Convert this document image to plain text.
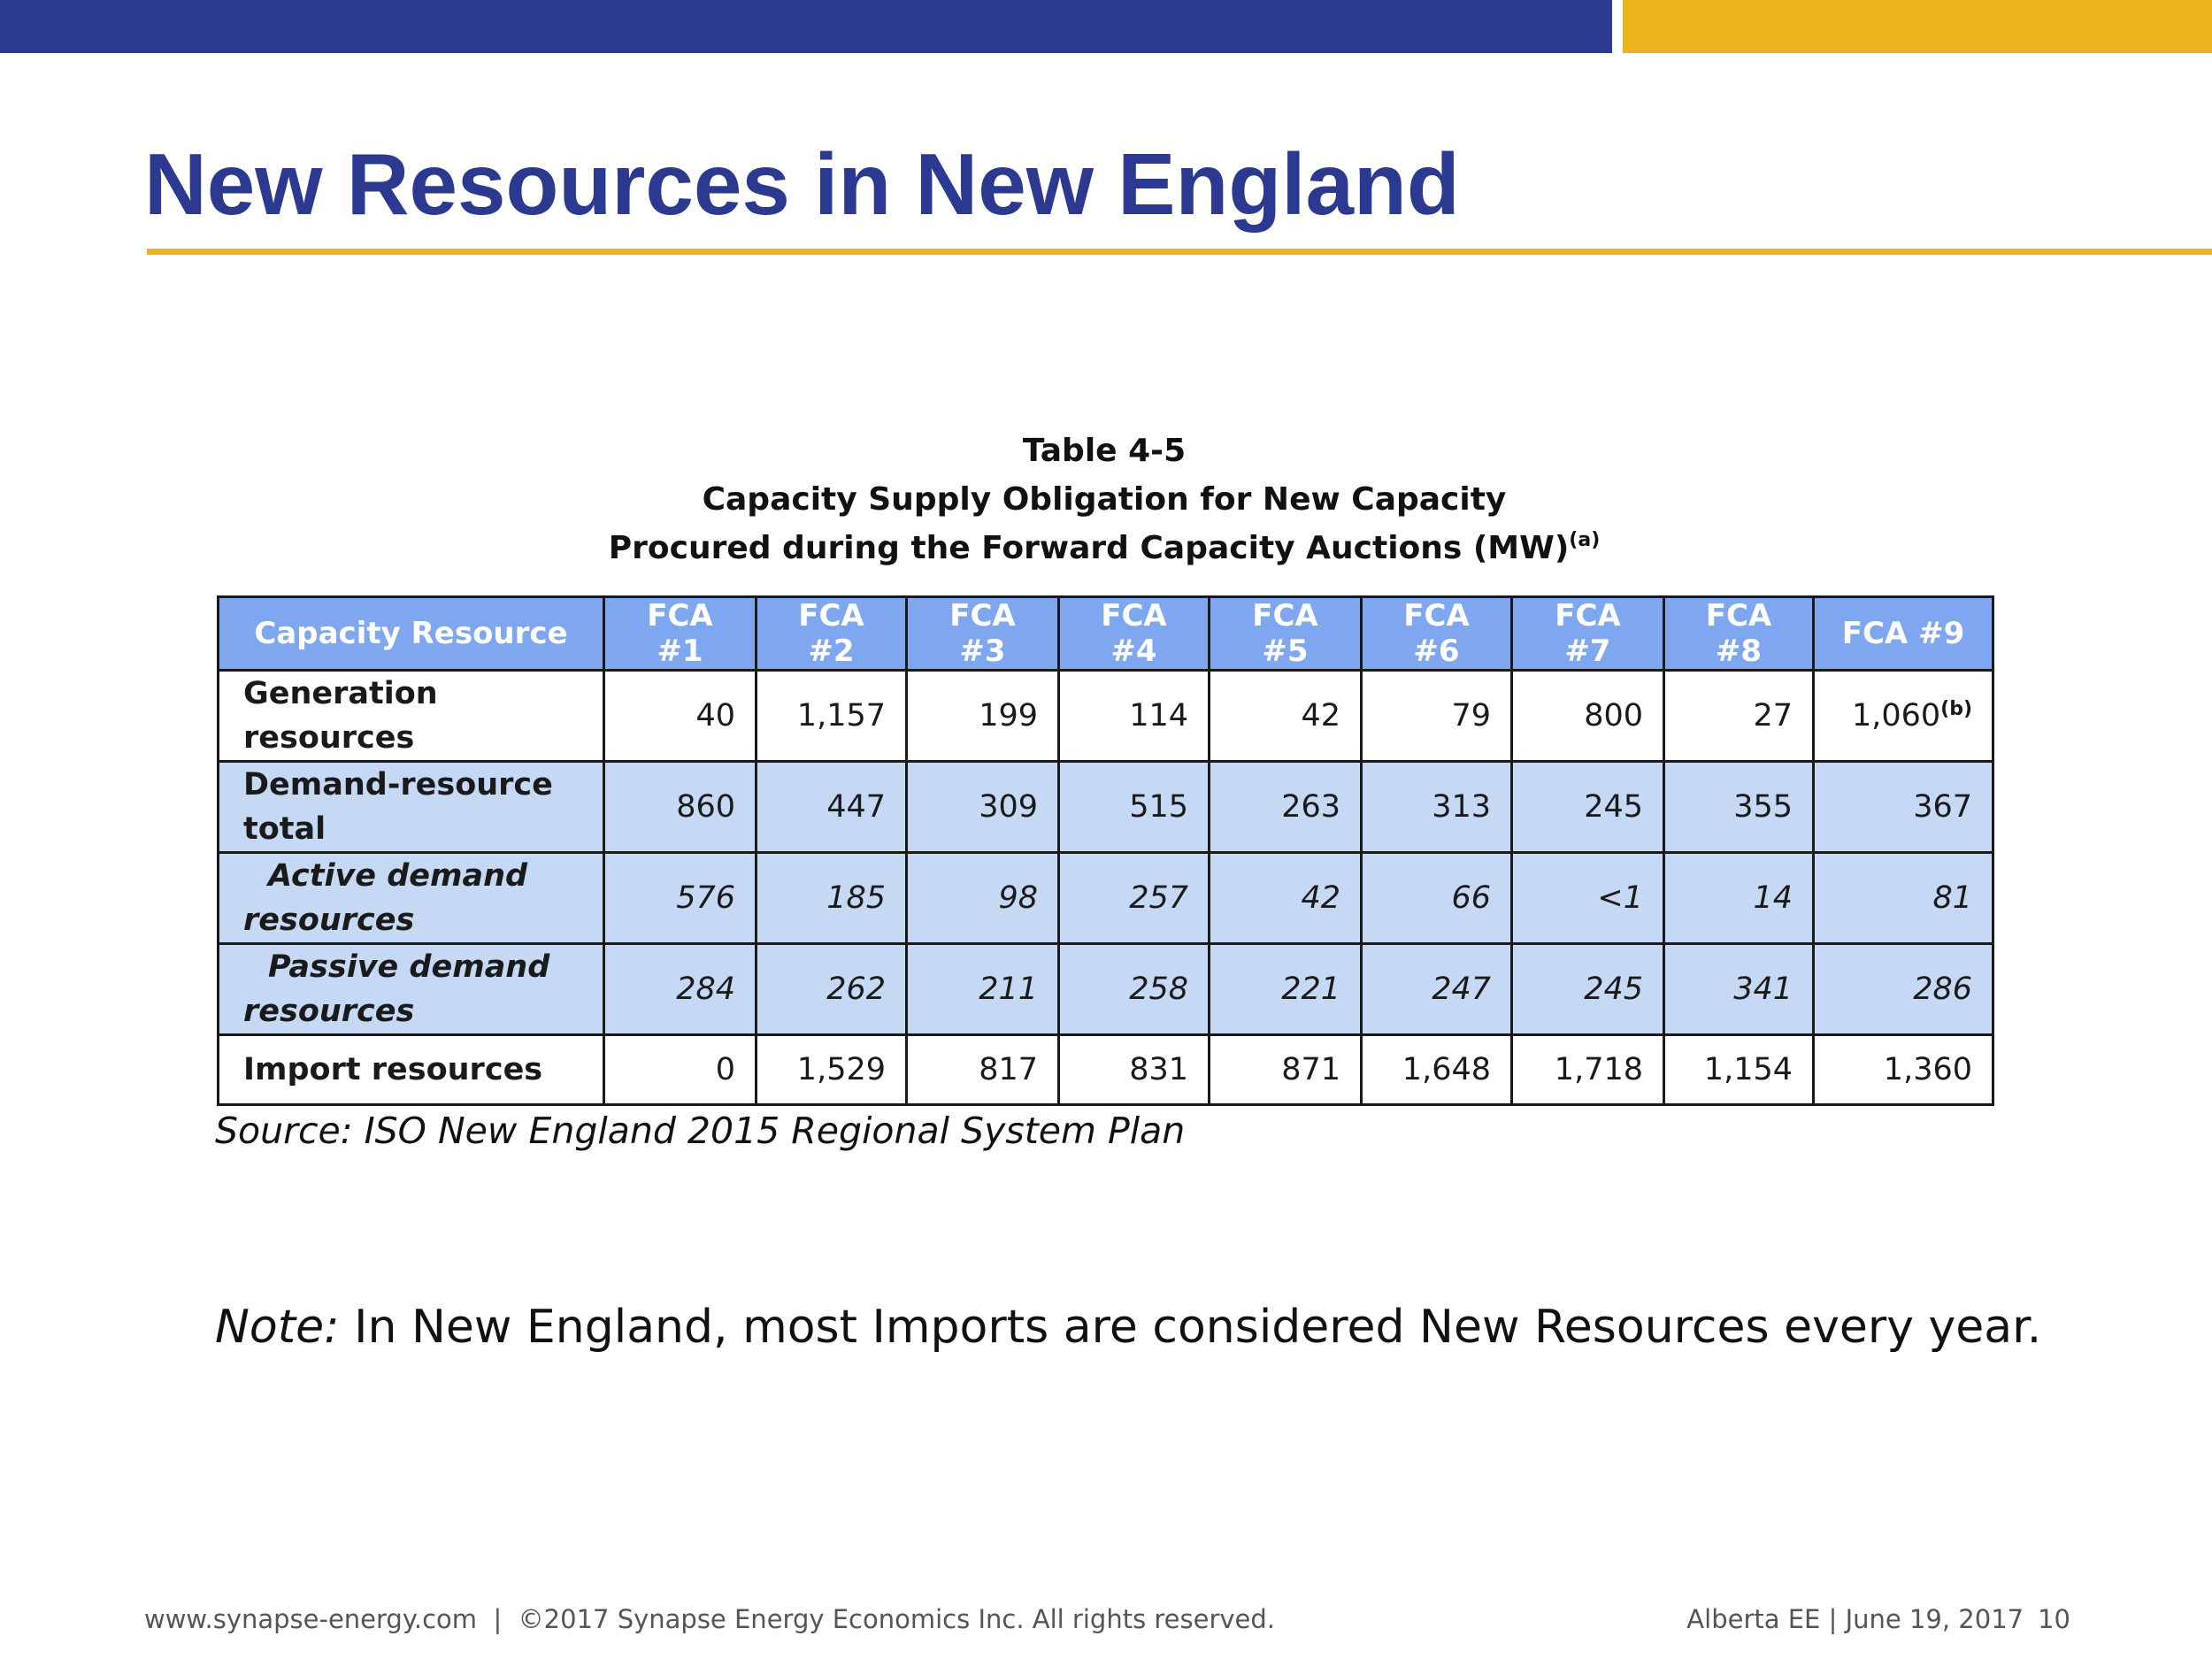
New Resources in New England
Table 4-5
Capacity Supply Obligation for New Capacity
Procured during the Forward Capacity Auctions (MW)$^{(a)}$
Capacity Resource	FCA #1	FCA #2	FCA #3	FCA #4	FCA #5	FCA #6	FCA #7	FCA #8	FCA #9
Generation resources	40	1,157	199	114	42	79	800	27	1,060$^{(b)}$

Demand-resource
total	860	447	309	515	263	313	245	355	367

Active demand
resources	576	185	98	257	42	66	<1	14	81

Passive demand
resources	284	262	211	258	221	247	245	341	286
Import resources	0	1,529	817	831	871	1,648	1,718	1,154	1,360
Source: ISO New England 2015 Regional System Plan
Note: In New England, most Imports are considered New Resources every year.
www.synapse-energy.com  |  ©2017 Synapse Energy Economics Inc. All rights reserved.	Alberta EE | June 19, 2017 10
